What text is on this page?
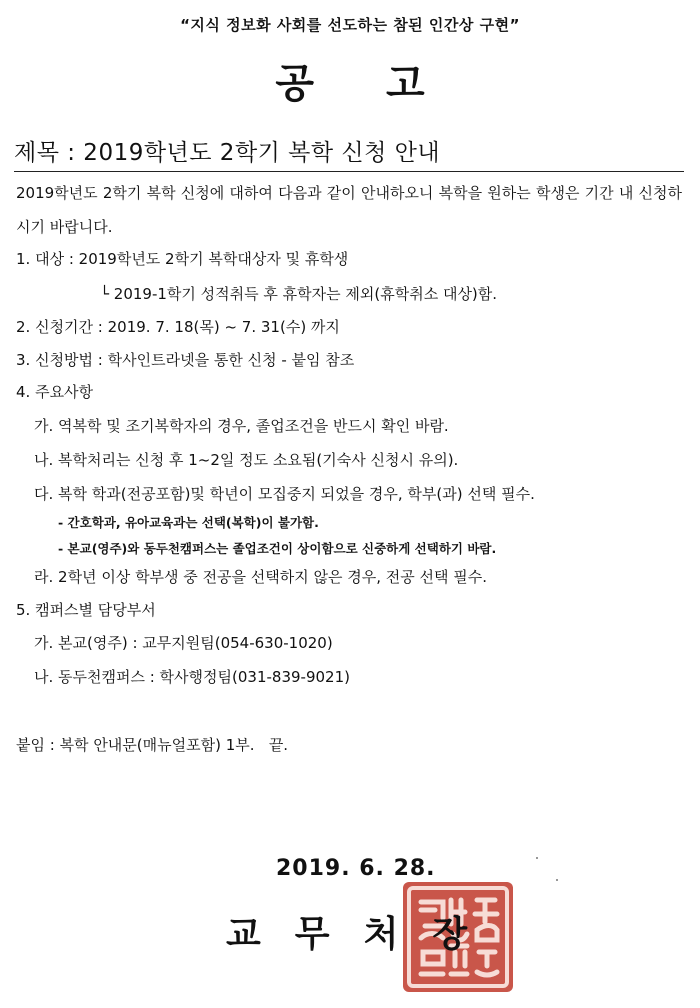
“지식 정보화 사회를 선도하는 참된 인간상 구현”
공 고
제목 : 2019학년도 2학기 복학 신청 안내
2019학년도 2학기 복학 신청에 대하여 다음과 같이 안내하오니 복학을 원하는 학생은 기간 내 신청하시기 바랍니다.
1. 대상 : 2019학년도 2학기 복학대상자 및 휴학생
└ 2019-1학기 성적취득 후 휴학자는 제외(휴학취소 대상)함.
2. 신청기간 : 2019. 7. 18(목) ~ 7. 31(수) 까지
3. 신청방법 : 학사인트라넷을 통한 신청 - 붙임 참조
4. 주요사항
가. 역복학 및 조기복학자의 경우, 졸업조건을 반드시 확인 바람.
나. 복학처리는 신청 후 1~2일 정도 소요됨(기숙사 신청시 유의).
다. 복학 학과(전공포함)및 학년이 모집중지 되었을 경우, 학부(과) 선택 필수.
- 간호학과, 유아교육과는 선택(복학)이 불가함.
- 본교(영주)와 동두천캠퍼스는 졸업조건이 상이함으로 신중하게 선택하기 바람.
라. 2학년 이상 학부생 중 전공을 선택하지 않은 경우, 전공 선택 필수.
5. 캠퍼스별 담당부서
가. 본교(영주) : 교무지원팀(054-630-1020)
나. 동두천캠퍼스 : 학사행정팀(031-839-9021)
붙임 : 복학 안내문(매뉴얼포함) 1부.   끝.
2019. 6. 28.
교 무 처 장
